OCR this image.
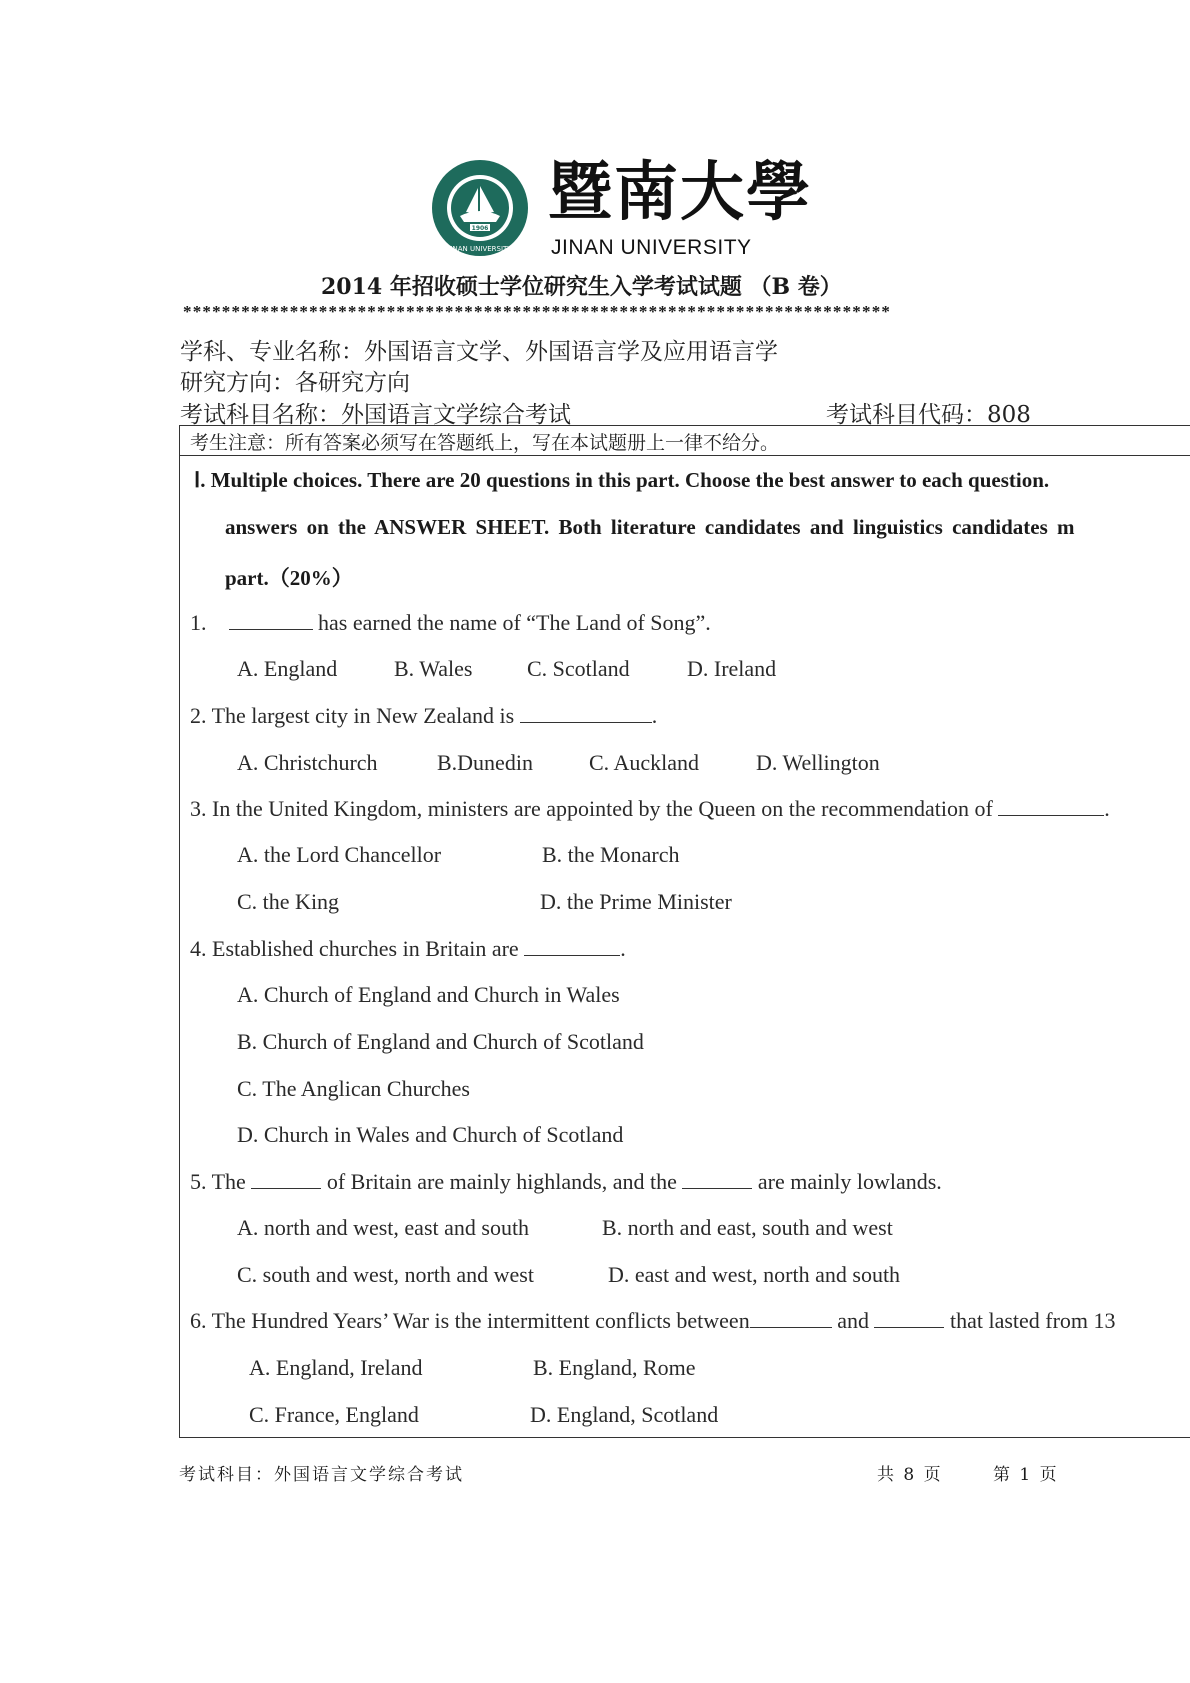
1906
JINAN UNIVERSITY
暨南大學
JINAN UNIVERSITY
2014 年招收硕士学位研究生入学考试试题 （B 卷）
*************************************************************************
学科、专业名称：外国语言文学、外国语言学及应用语言学
研究方向：各研究方向
考试科目名称：外国语言文学综合考试	考试科目代码：808
考生注意：所有答案必须写在答题纸上，写在本试题册上一律不给分。
Ⅰ. Multiple choices. There are 20 questions in this part. Choose the best answer to each question.
answers on the ANSWER SHEET. Both literature candidates and linguistics candidates m
part.（20%）
1.	has earned the name of “The Land of Song”.
A. England	B. Wales C. Scotland	D. Ireland
2. The largest city in New Zealand is	.
A. Christchurch	B.Dunedin	C. Auckland	D. Wellington
3. In the United Kingdom, ministers are appointed by the Queen on the recommendation of	.
A. the Lord Chancellor	B. the Monarch
C. the King	D. the Prime Minister
4. Established churches in Britain are	.
A. Church of England and Church in Wales
B. Church of England and Church of Scotland
C. The Anglican Churches
D. Church in Wales and Church of Scotland
5. The	of Britain are mainly highlands, and the	are mainly lowlands.
A. north and west, east and south	B. north and east, south and west
C. south and west, north and west	D. east and west, north and south
6. The Hundred Years’ War is the intermittent conflicts between	and	that lasted from 13
A. England, Ireland	B. England, Rome
C. France, England	D. England, Scotland
考试科目：外国语言文学综合考试	共 8 页	第 1 页
